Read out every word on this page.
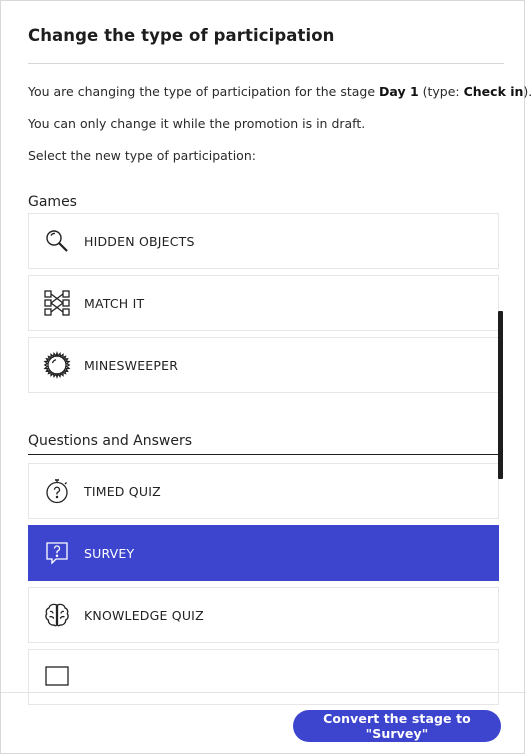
Change the type of participation
You are changing the type of participation for the stage Day 1 (type: Check in).
You can only change it while the promotion is in draft.
Select the new type of participation:
Games
HIDDEN OBJECTS
MATCH IT
MINESWEEPER
Questions and Answers
TIMED QUIZ
SURVEY
KNOWLEDGE QUIZ
Convert the stage to "Survey"
